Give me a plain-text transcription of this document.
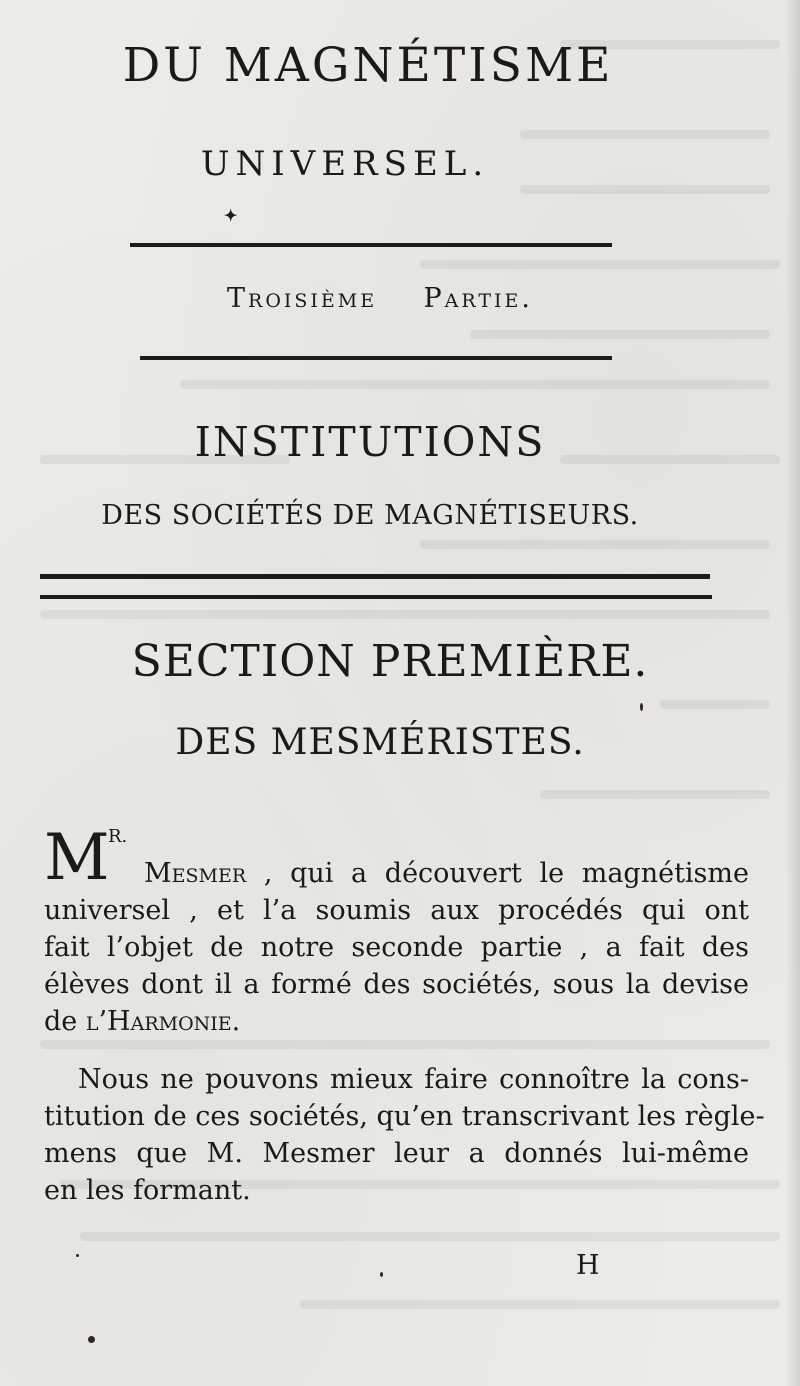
DU MAGNÉTISME
UNIVERSEL.
✦
Troisième Partie.
INSTITUTIONS
DES SOCIÉTÉS DE MAGNÉTISEURS.
SECTION PREMIÈRE.
DES MESMÉRISTES.
M
R.
Mesmer , qui a découvert le magnétisme
universel , et l’a soumis aux procédés qui ont
fait l’objet de notre seconde partie , a fait des
élèves dont il a formé des sociétés, sous la devise
de l’Harmonie.
Nous ne pouvons mieux faire connoître la cons-
titution de ces sociétés, qu’en transcrivant les règle-
mens que M. Mesmer leur a donnés lui-même
en les formant.
H
